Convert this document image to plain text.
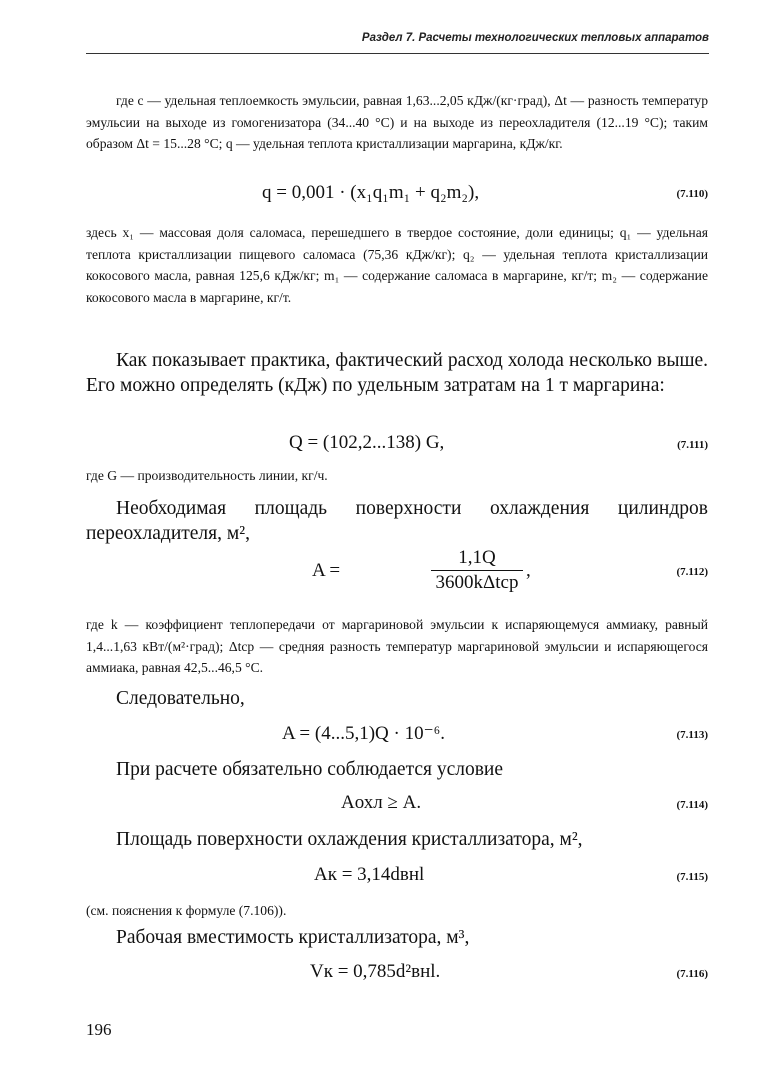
Раздел 7. Расчеты технологических тепловых аппаратов

где c — удельная теплоемкость эмульсии, равная 1,63...2,05 кДж/(кг·град), Δt — разность температур эмульсии на выходе из гомогенизатора (34...40 °С) и на выходе из переохладителя (12...19 °С); таким образом Δt = 15...28 °С; q — удельная теплота кристаллизации маргарина, кДж/кг.

q = 0,001 · (x₁q₁m₁ + q₂m₂),	(7.110)

здесь x₁ — массовая доля саломаса, перешедшего в твердое состояние, доли единицы; q₁ — удельная теплота кристаллизации пищевого саломаса (75,36 кДж/кг); q₂ — удельная теплота кристаллизации кокосового масла, равная 125,6 кДж/кг; m₁ — содержание саломаса в маргарине, кг/т; m₂ — содержание кокосового масла в маргарине, кг/т.

Как показывает практика, фактический расход холода несколько выше. Его можно определять (кДж) по удельным затратам на 1 т маргарина:

Q = (102,2...138) G,	(7.111)

где G — производительность линии, кг/ч.

Необходимая площадь поверхности охлаждения цилиндров переохладителя, м²,

A =
1,1Q
3600kΔtср
,	(7.112)

где k — коэффициент теплопередачи от маргариновой эмульсии к испаряющемуся аммиаку, равный 1,4...1,63 кВт/(м²·град); Δtср — средняя разность температур маргариновой эмульсии и испаряющегося аммиака, равная 42,5...46,5 °С.

Следовательно,

A = (4...5,1)Q · 10⁻⁶.	(7.113)

При расчете обязательно соблюдается условие

Aохл ≥ A.	(7.114)

Площадь поверхности охлаждения кристаллизатора, м²,

Aк = 3,14dвнl	(7.115)

(см. пояснения к формуле (7.106)).

Рабочая вместимость кристаллизатора, м³,

Vк = 0,785d²внl.	(7.116)
196
